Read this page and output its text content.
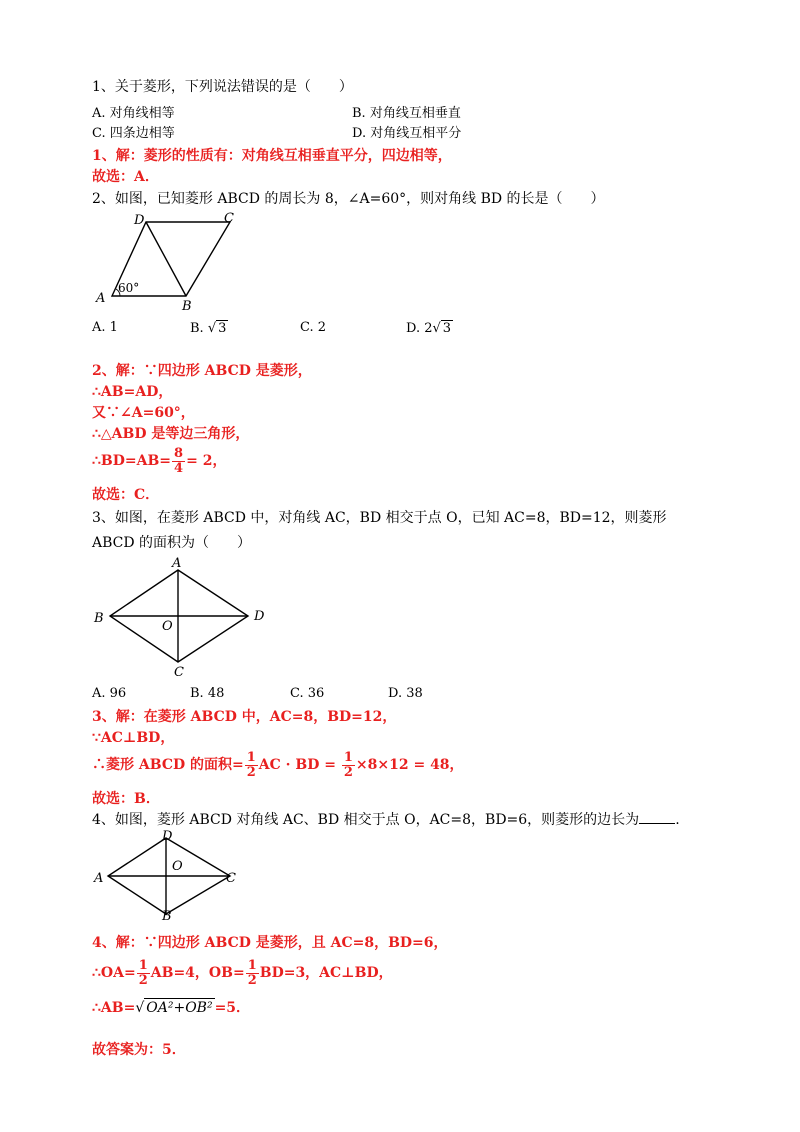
1、关于菱形，下列说法错误的是（　　）
A. 对角线相等	B. 对角线互相垂直
C. 四条边相等	D. 对角线互相平分
1、解：菱形的性质有：对角线互相垂直平分，四边相等，
故选：A．
2、如图，已知菱形 ABCD 的周长为 8，∠A=60°，则对角线 BD 的长是（　　）
A
B
C
D
60°
A. 1	B. √ 3	C. 2	D. 2√ 3
2、解：∵四边形 ABCD 是菱形，
∴AB=AD，
又∵∠A=60°，
∴△ABD 是等边三角形，
∴BD=AB= $\frac{8}{4} = 2$，
故选：C．
3、如图，在菱形 ABCD 中，对角线 AC，BD 相交于点 O，已知 AC=8，BD=12，则菱形
ABCD 的面积为（　　）
A
B
C
D
O
A. 96	B. 48	C. 36	D. 38
3、解：在菱形 ABCD 中，AC=8，BD=12，
∵AC⊥BD，
∴菱形 ABCD 的面积= $\frac{1}{2}$ AC · BD = $\frac{1}{2} \times 8\times 12 = 48$，
故选：B．
4、如图，菱形 ABCD 对角线 AC、BD 相交于点 O，AC=8，BD=6，则菱形的边长为	.
D
A	C
B
O
4、解：∵四边形 ABCD 是菱形，且 AC=8，BD=6，
∴OA= $\frac{1}{2} AB=4$，$OB= \frac{1}{2} BD=3$，AC⊥BD，
∴AB=√ OA²+OB² =5．
故答案为：5．
